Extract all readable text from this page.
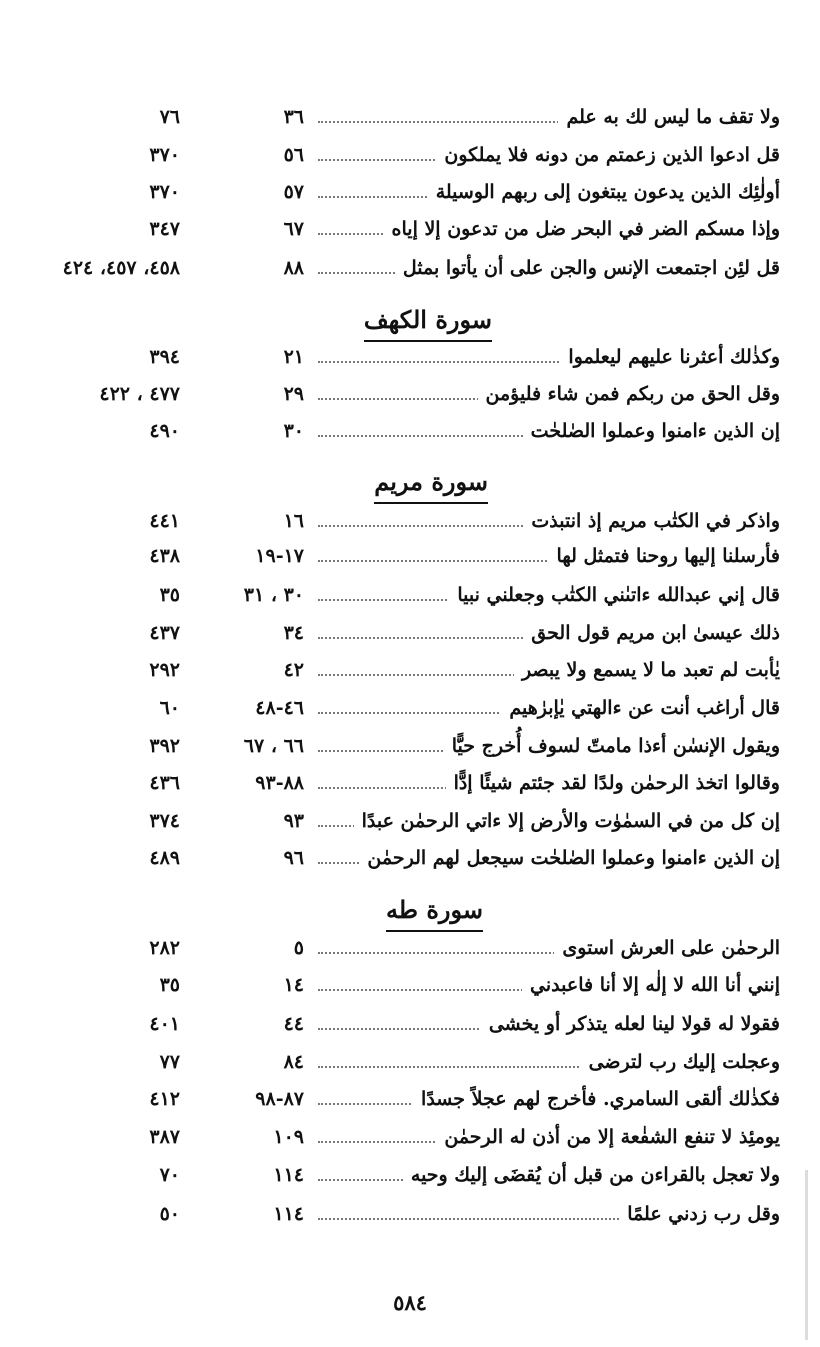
ولا تقف ما ليس لك به علم
٣٦
٧٦
قل ادعوا الذين زعمتم من دونه فلا يملكون
٥٦
٣٧٠
أولٰئِك الذين يدعون يبتغون إلى ربهم الوسيلة
٥٧
٣٧٠
وإذا مسكم الضر في البحر ضل من تدعون إلا إياه
٦٧
٣٤٧
قل لئِن اجتمعت الإنس والجن على أن يأتوا بمثل
٨٨
٤٥٨، ٤٥٧، ٤٢٤
سورة الكهف
وكذٰلك أعثرنا عليهم ليعلموا
٢١
٣٩٤
وقل الحق من ربكم فمن شاء فليؤمن
٢٩
٤٧٧ ، ٤٢٢
إن الذين ءامنوا وعملوا الصٰلحٰت
٣٠
٤٩٠
سورة مريم
واذكر في الكتٰب مريم إذ انتبذت
١٦
٤٤١
فأرسلنا إليها روحنا فتمثل لها
١٧-١٩
٤٣٨
قال إني عبدالله ءاتىٰني الكتٰب وجعلني نبيا
٣٠ ، ٣١
٣٥
ذلك عيسىٰ ابن مريم قول الحق
٣٤
٤٣٧
يٰأبت لم تعبد ما لا يسمع ولا يبصر
٤٢
٢٩٢
قال أراغب أنت عن ءالهتي يٰإبرٰهيم
٤٦-٤٨
٦٠
ويقول الإنسٰن أءذا مامتّ لسوف أُخرج حيًّا
٦٦ ، ٦٧
٣٩٢
وقالوا اتخذ الرحمٰن ولدًا لقد جئتم شيئًا إدًّا
٨٨-٩٣
٤٣٦
إن كل من في السمٰوٰت والأرض إلا ءاتي الرحمٰن عبدًا
٩٣
٣٧٤
إن الذين ءامنوا وعملوا الصٰلحٰت سيجعل لهم الرحمٰن
٩٦
٤٨٩
سورة طه
الرحمٰن على العرش استوى
٥
٢٨٢
إنني أنا الله لا إلٰه إلا أنا فاعبدني
١٤
٣٥
فقولا له قولا لينا لعله يتذكر أو يخشى
٤٤
٤٠١
وعجلت إليك رب لترضى
٨٤
٧٧
فكذٰلك ألقى السامري. فأخرج لهم عجلاً جسدًا
٨٧-٩٨
٤١٢
يومئِذ لا تنفع الشفٰعة إلا من أذن له الرحمٰن
١٠٩
٣٨٧
ولا تعجل بالقراءن من قبل أن يُقضَى إليك وحيه
١١٤
٧٠
وقل رب زدني علمًا
١١٤
٥٠
٥٨٤
